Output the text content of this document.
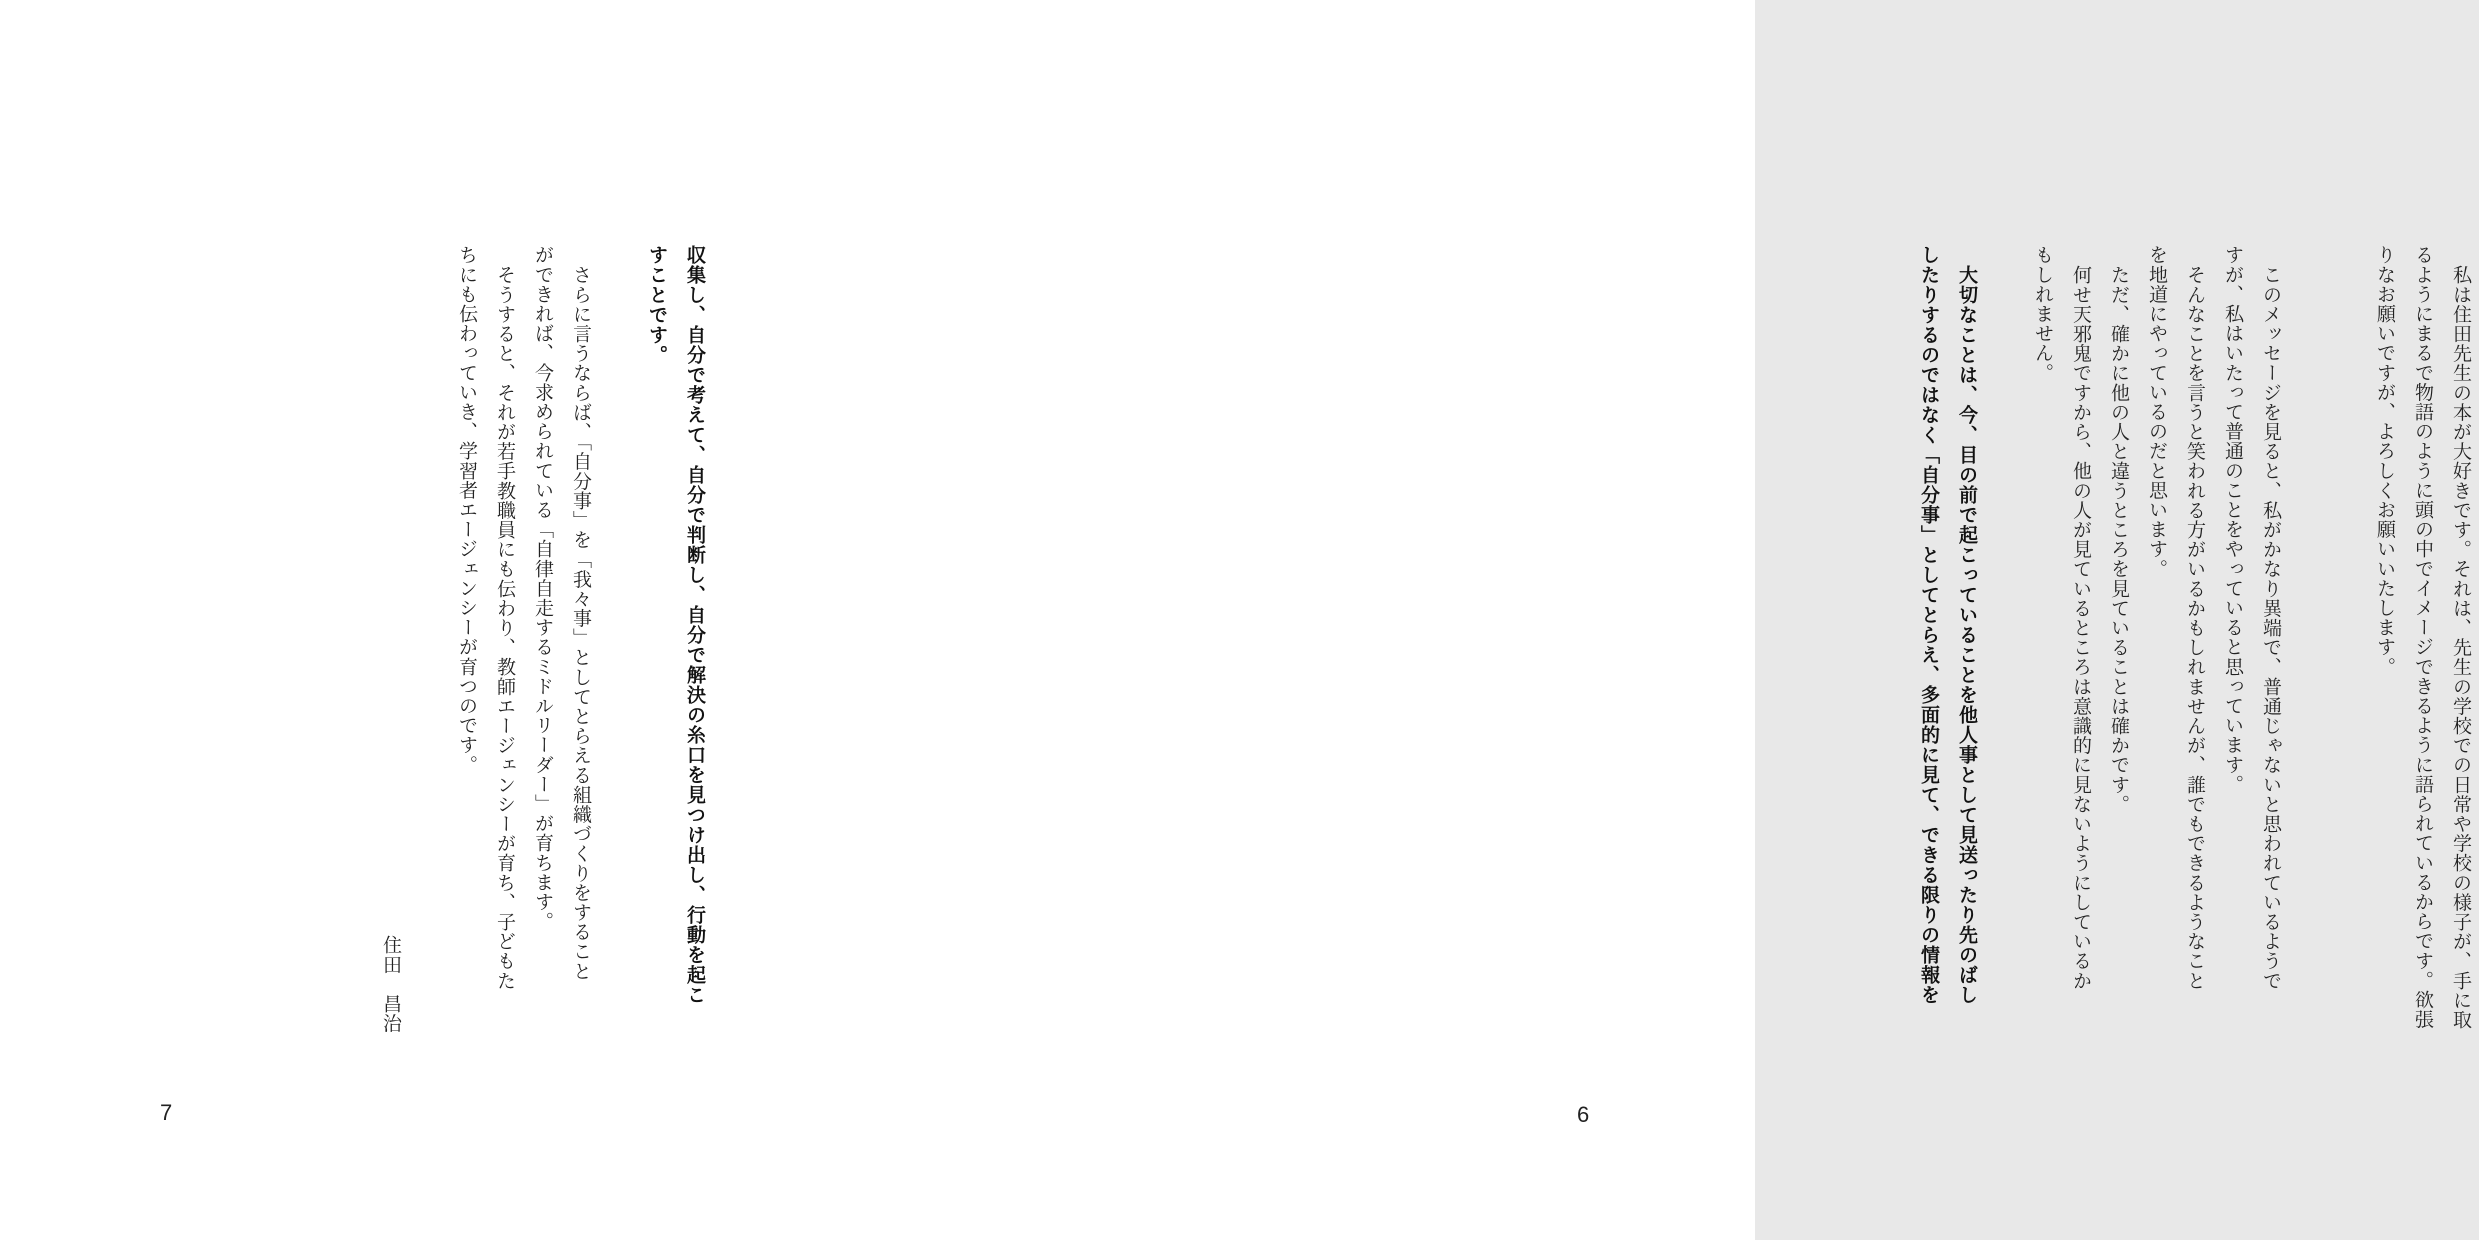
収集し、自分で考えて、自分で判断し、自分で解決の糸口を見つけ出し、行動を起こ
すことです。
さらに言うならば、「自分事」を「我々事」としてとらえる組織づくりをすること
ができれば、今求められている「自律自走するミドルリーダー」が育ちます。
そうすると、それが若手教職員にも伝わり、教師エージェンシーが育ち、子どもた
ちにも伝わっていき、学習者エージェンシーが育つのです。
住田　昌治	私は住田先生の本が大好きです。それは、先生の学校での日常や学校の様子が、手に取
るようにまるで物語のように頭の中でイメージできるように語られているからです。欲張
りなお願いですが、よろしくお願いいたします。
このメッセージを見ると、私がかなり異端で、普通じゃないと思われているようで
すが、私はいたって普通のことをやっていると思っています。
そんなことを言うと笑われる方がいるかもしれませんが、誰でもできるようなこと
を地道にやっているのだと思います。
ただ、確かに他の人と違うところを見ていることは確かです。
何せ天邪鬼ですから、他の人が見ているところは意識的に見ないようにしているか
もしれません。
大切なことは、今、目の前で起こっていることを他人事として見送ったり先のばし
したりするのではなく「自分事」としてとらえ、多面的に見て、できる限りの情報を
7	6
